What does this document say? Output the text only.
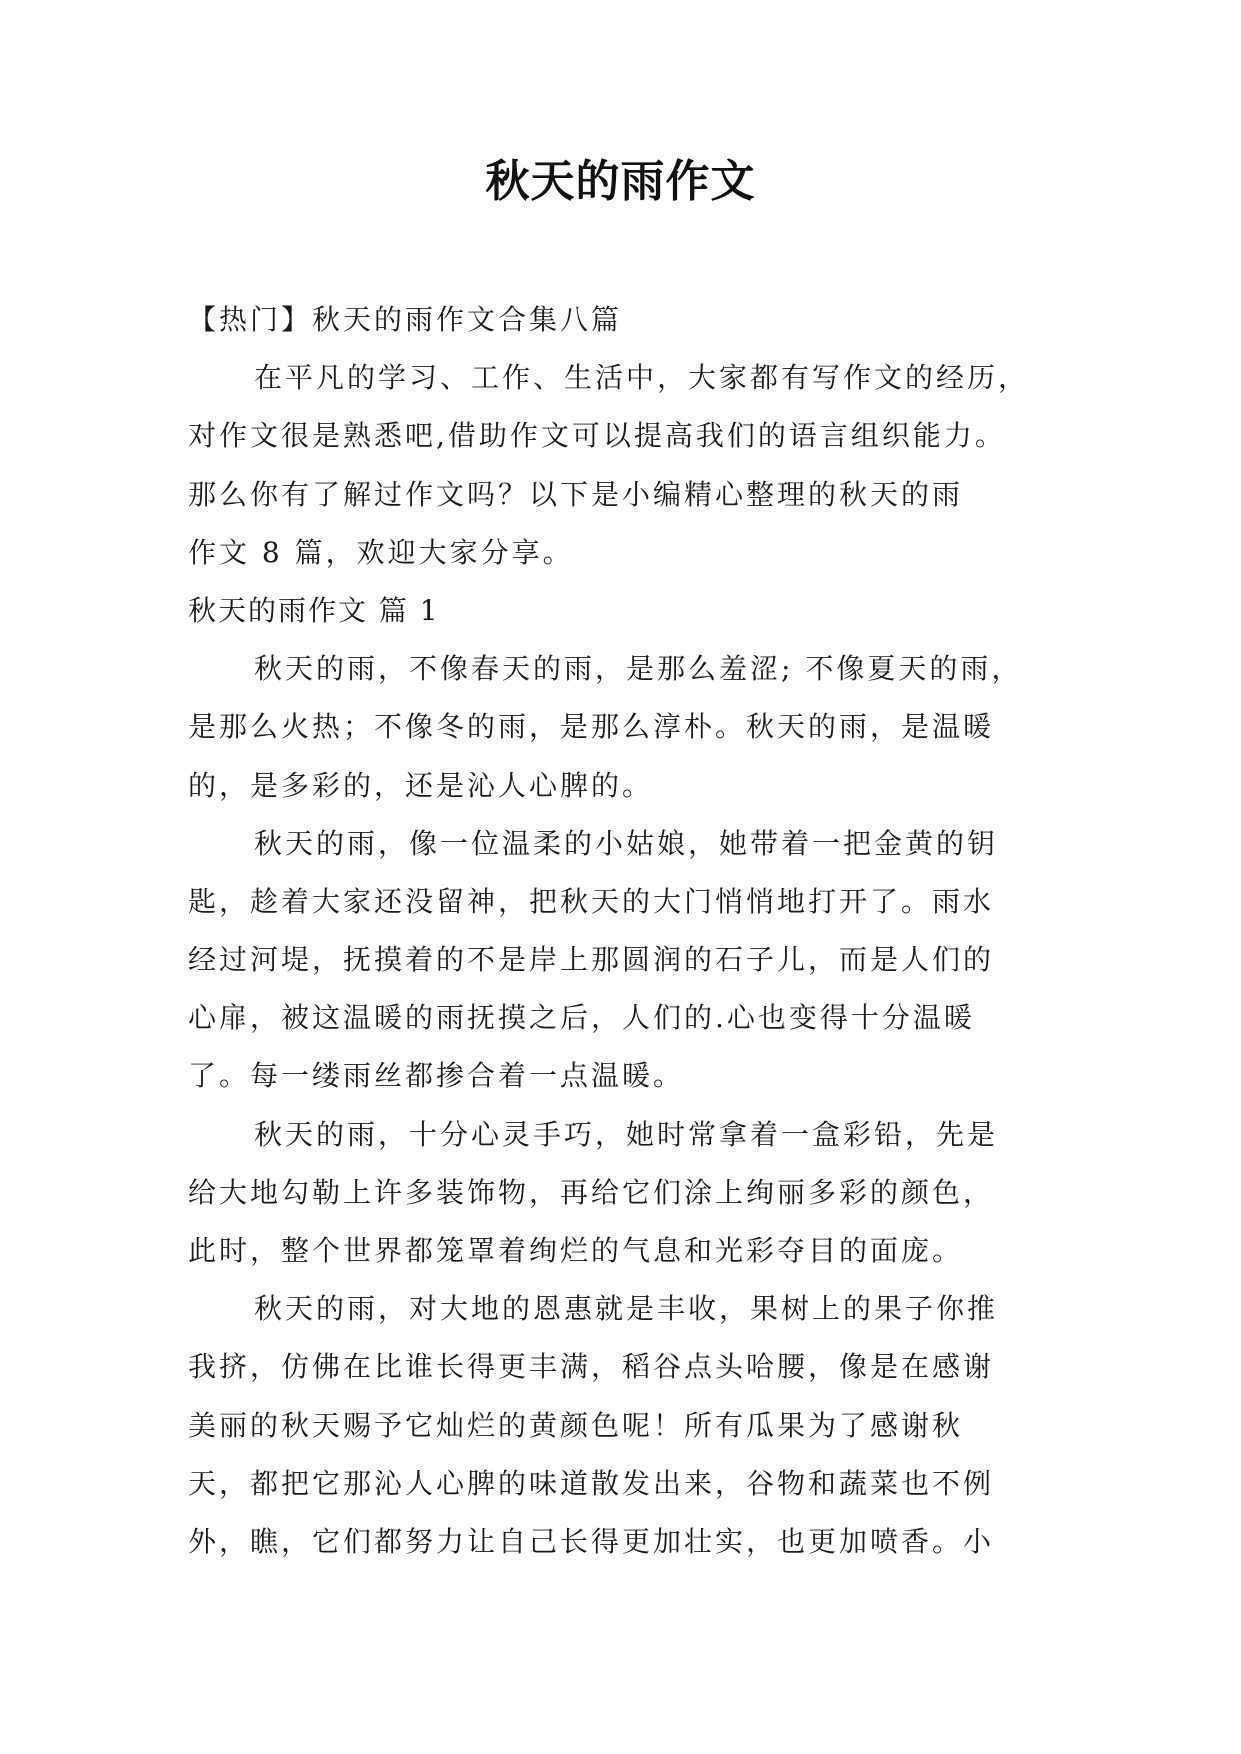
秋天的雨作文
【热门】秋天的雨作文合集八篇
在平凡的学习、工作、生活中，大家都有写作文的经历，
对作文很是熟悉吧,借助作文可以提高我们的语言组织能力。
那么你有了解过作文吗？以下是小编精心整理的秋天的雨
作文 8 篇，欢迎大家分享。
秋天的雨作文 篇 1
秋天的雨，不像春天的雨，是那么羞涩; 不像夏天的雨，
是那么火热；不像冬的雨，是那么淳朴。秋天的雨，是温暖
的，是多彩的，还是沁人心脾的。
秋天的雨，像一位温柔的小姑娘，她带着一把金黄的钥
匙，趁着大家还没留神，把秋天的大门悄悄地打开了。雨水
经过河堤，抚摸着的不是岸上那圆润的石子儿，而是人们的
心扉，被这温暖的雨抚摸之后，人们的.心也变得十分温暖
了。每一缕雨丝都掺合着一点温暖。
秋天的雨，十分心灵手巧，她时常拿着一盒彩铅，先是
给大地勾勒上许多装饰物，再给它们涂上绚丽多彩的颜色，
此时，整个世界都笼罩着绚烂的气息和光彩夺目的面庞。
秋天的雨，对大地的恩惠就是丰收，果树上的果子你推
我挤，仿佛在比谁长得更丰满，稻谷点头哈腰，像是在感谢
美丽的秋天赐予它灿烂的黄颜色呢！所有瓜果为了感谢秋
天，都把它那沁人心脾的味道散发出来，谷物和蔬菜也不例
外，瞧，它们都努力让自己长得更加壮实，也更加喷香。小
